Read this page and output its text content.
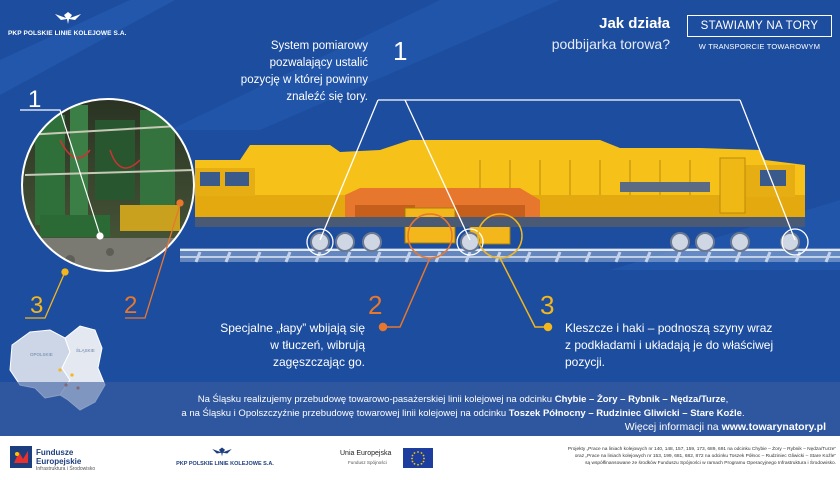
PKP POLSKIE LINIE KOLEJOWE S.A.
Jak działa
podbijarka torowa?
STAWIAMY NA TORY
W TRANSPORCIE TOWAROWYM
1
System pomiarowy pozwalający ustalić pozycję w której powinny znaleźć się tory.
2
Specjalne „łapy” wbijają się w tłuczeń, wibrują zagęszczając go.
3
Kleszcze i haki – podnoszą szyny wraz z podkładami i układają je do właściwej pozycji.
1
2
3
OPOLSKIE
ŚLĄSKIE
Na Śląsku realizujemy przebudowę towarowo-pasażerskiej linii kolejowej na odcinku Chybie – Żory – Rybnik – Nędza/Turze,
a na Śląsku i Opolszczyźnie przebudowę towarowej linii kolejowej na odcinku Toszek Północny – Rudziniec Gliwicki – Stare Koźle.
Więcej informacji na www.towarynatory.pl
Fundusze Europejskie
Infrastruktura i Środowisko
PKP POLSKIE LINIE KOLEJOWE S.A.
Unia Europejska
Fundusz Spójności
Projekty „Prace na liniach kolejowych nr 140, 148, 157, 159, 173, 689, 691 na odcinku Chybie – Żory – Rybnik – Nędza/Turze”
oraz „Prace na liniach kolejowych nr 153, 199, 681, 682, 872 na odcinku Toszek Północ – Rudziniec Gliwicki – Stare Koźle”
są współfinansowane ze środków Funduszu Spójności w ramach Programu Operacyjnego Infrastruktura i Środowisko.
